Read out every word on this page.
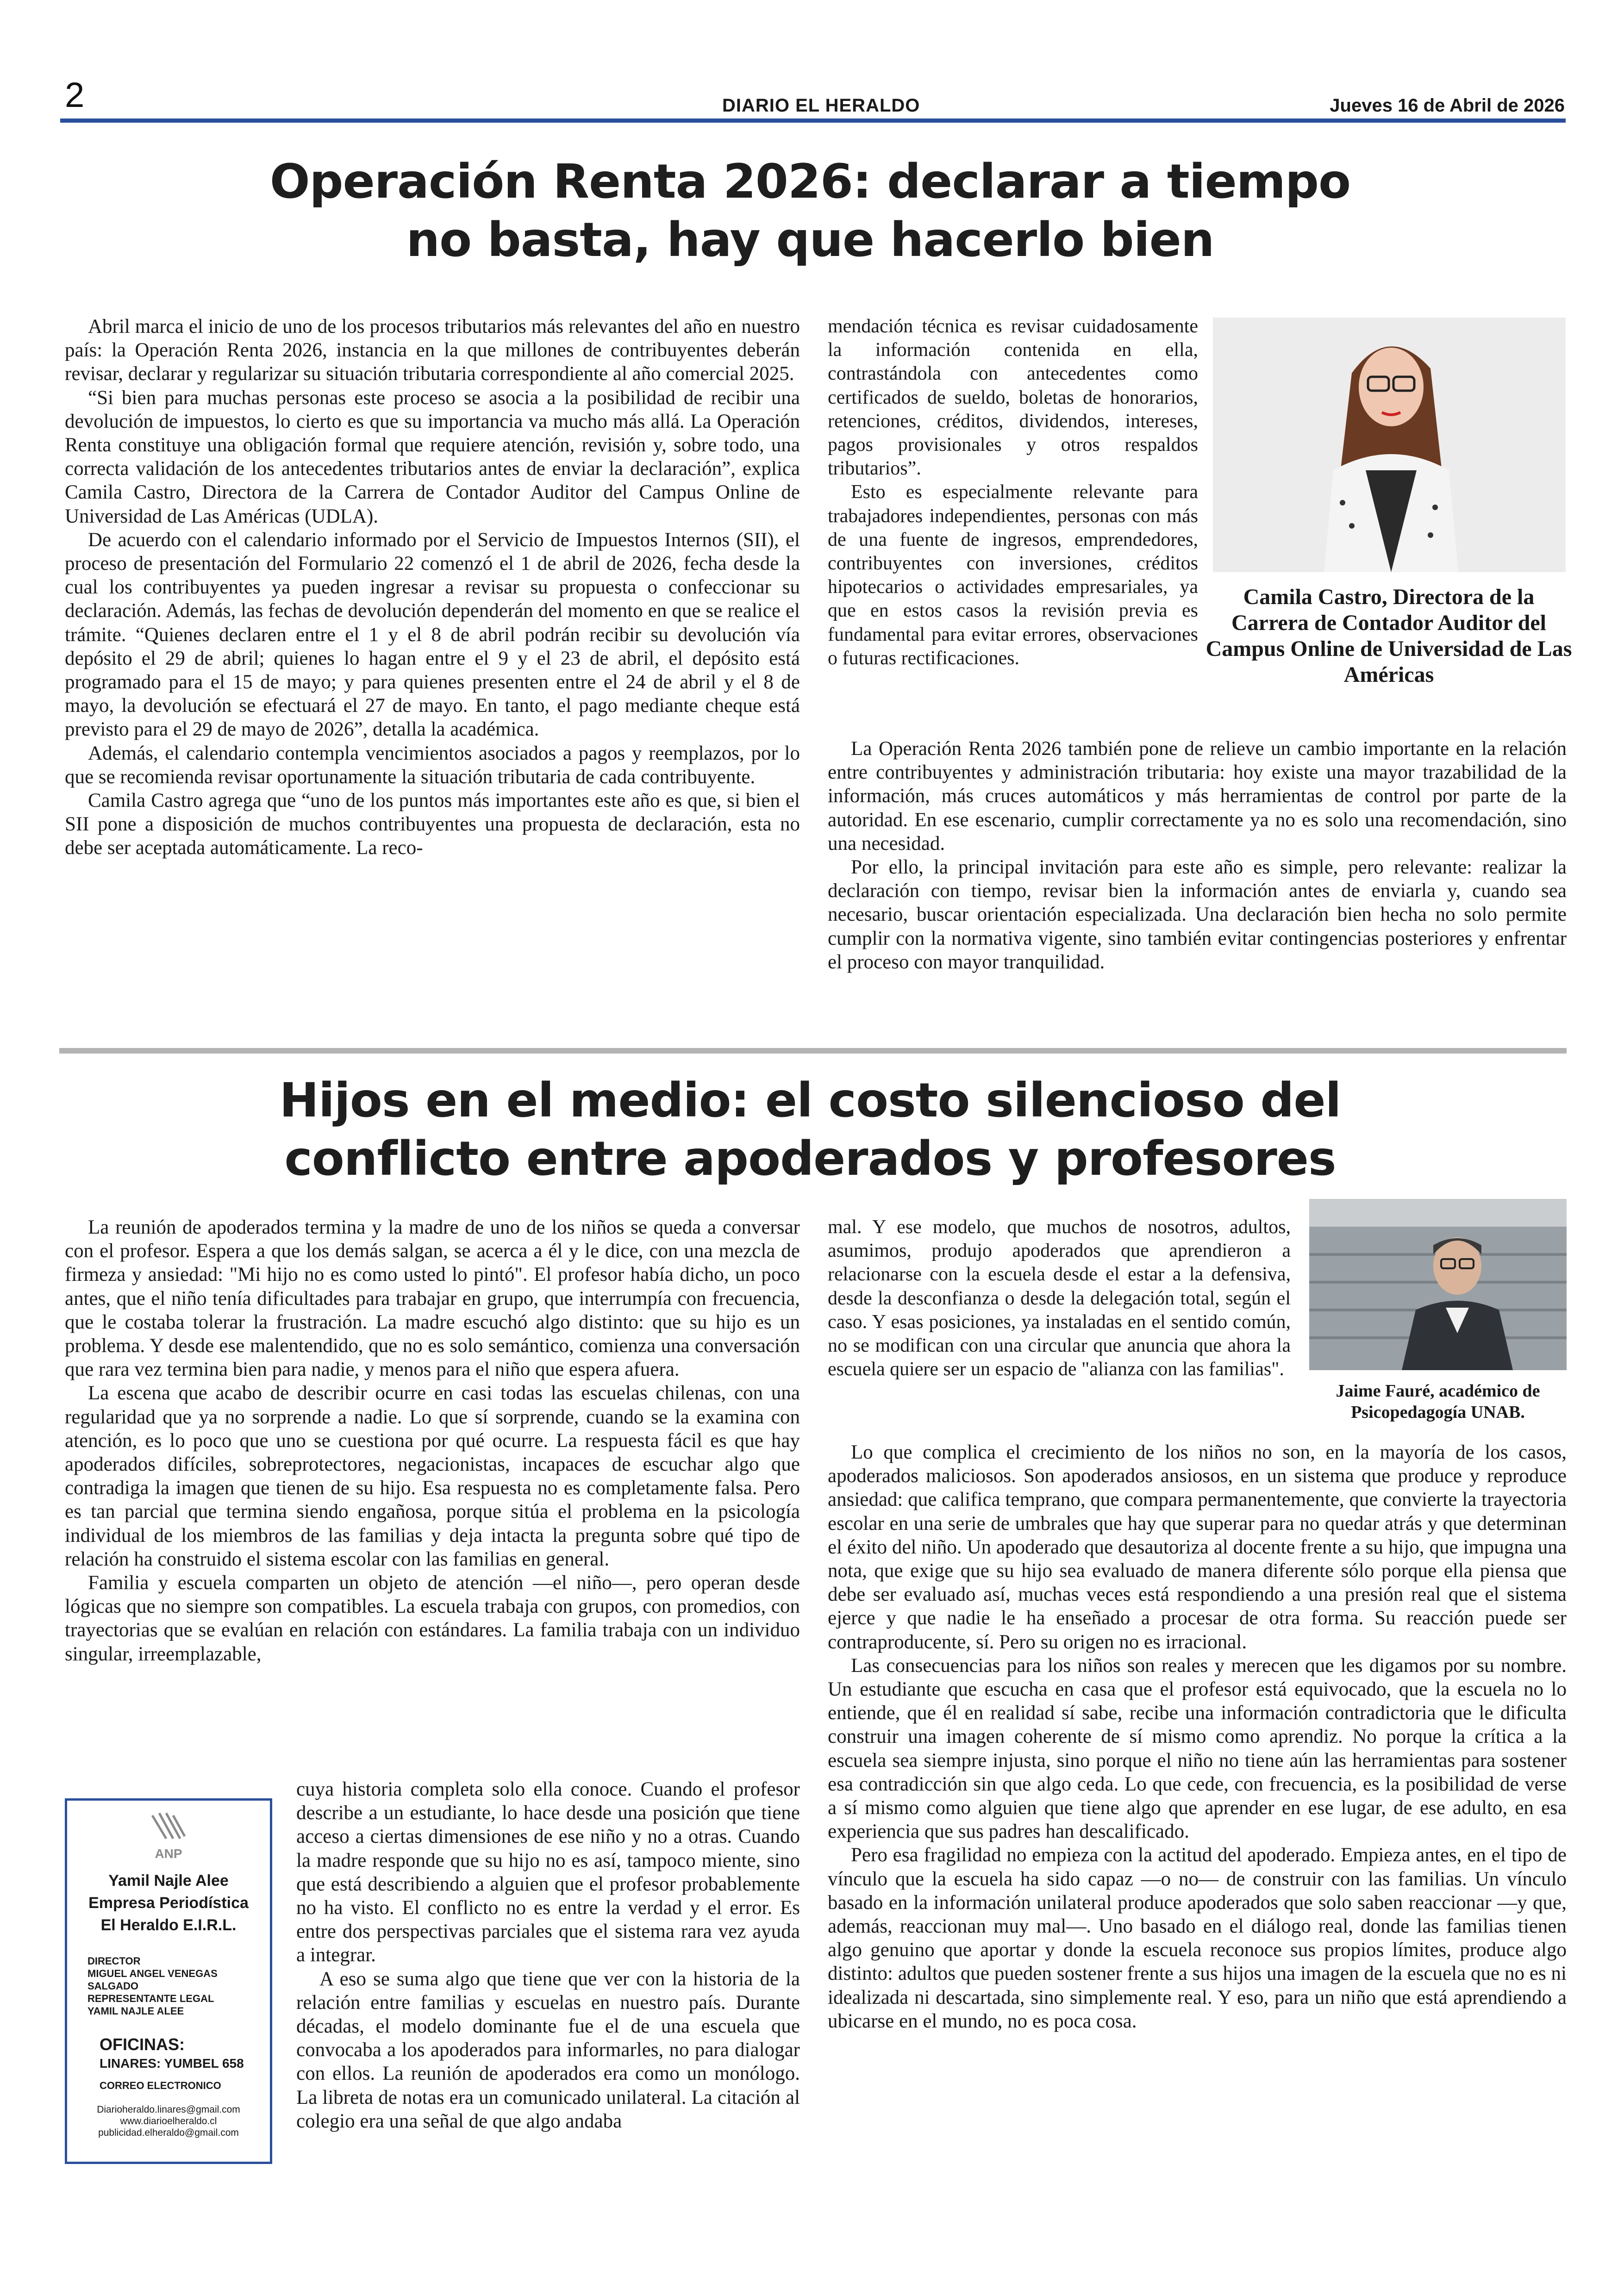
2	DIARIO EL HERALDO	Jueves 16 de Abril de 2026
Operación Renta 2026: declarar a tiempo
no basta, hay que hacerlo bien

Abril marca el inicio de uno de los procesos tributarios más relevantes del año en nuestro país: la Operación Renta 2026, instancia en la que millones de contribuyentes deberán revisar, declarar y regularizar su situación tributaria correspondiente al año comercial 2025.

“Si bien para muchas personas este proceso se asocia a la posibilidad de recibir una devolución de impuestos, lo cierto es que su importancia va mucho más allá. La Operación Renta constituye una obligación formal que requiere atención, revisión y, sobre todo, una correcta validación de los antecedentes tributarios antes de enviar la declaración”, explica Camila Castro, Directora de la Carrera de Contador Auditor del Campus Online de Universidad de Las Américas (UDLA).

De acuerdo con el calendario informado por el Servicio de Impuestos Internos (SII), el proceso de presentación del Formulario 22 comenzó el 1 de abril de 2026, fecha desde la cual los contribuyentes ya pueden ingresar a revisar su propuesta o confeccionar su declaración. Además, las fechas de devolución dependerán del momento en que se realice el trámite. “Quienes declaren entre el 1 y el 8 de abril podrán recibir su devolución vía depósito el 29 de abril; quienes lo hagan entre el 9 y el 23 de abril, el depósito está programado para el 15 de mayo; y para quienes presenten entre el 24 de abril y el 8 de mayo, la devolución se efectuará el 27 de mayo. En tanto, el pago mediante cheque está previsto para el 29 de mayo de 2026”, detalla la académica.

Además, el calendario contempla vencimientos asociados a pagos y reemplazos, por lo que se recomienda revisar oportunamente la situación tributaria de cada contribuyente.

Camila Castro agrega que “uno de los puntos más importantes este año es que, si bien el SII pone a disposición de muchos contribuyentes una propuesta de declaración, esta no debe ser aceptada automáticamente. La reco-

mendación técnica es revisar cuidadosamente la información contenida en ella, contrastándola con antecedentes como certificados de sueldo, boletas de honorarios, retenciones, créditos, dividendos, intereses, pagos provisionales y otros respaldos tributarios”.

Esto es especialmente relevante para trabajadores independientes, personas con más de una fuente de ingresos, emprendedores, contribuyentes con inversiones, créditos hipotecarios o actividades empresariales, ya que en estos casos la revisión previa es fundamental para evitar errores, observaciones o futuras rectificaciones.

Camila Castro, Directora de la Carrera de Contador Auditor del Campus Online de Universidad de Las Américas

La Operación Renta 2026 también pone de relieve un cambio importante en la relación entre contribuyentes y administración tributaria: hoy existe una mayor trazabilidad de la información, más cruces automáticos y más herramientas de control por parte de la autoridad. En ese escenario, cumplir correctamente ya no es solo una recomendación, sino una necesidad.

Por ello, la principal invitación para este año es simple, pero relevante: realizar la declaración con tiempo, revisar bien la información antes de enviarla y, cuando sea necesario, buscar orientación especializada. Una declaración bien hecha no solo permite cumplir con la normativa vigente, sino también evitar contingencias posteriores y enfrentar el proceso con mayor tranquilidad.

Hijos en el medio: el costo silencioso del
conflicto entre apoderados y profesores

La reunión de apoderados termina y la madre de uno de los niños se queda a conversar con el profesor. Espera a que los demás salgan, se acerca a él y le dice, con una mezcla de firmeza y ansiedad: "Mi hijo no es como usted lo pintó". El profesor había dicho, un poco antes, que el niño tenía dificultades para trabajar en grupo, que interrumpía con frecuencia, que le costaba tolerar la frustración. La madre escuchó algo distinto: que su hijo es un problema. Y desde ese malentendido, que no es solo semántico, comienza una conversación que rara vez termina bien para nadie, y menos para el niño que espera afuera.

La escena que acabo de describir ocurre en casi todas las escuelas chilenas, con una regularidad que ya no sorprende a nadie. Lo que sí sorprende, cuando se la examina con atención, es lo poco que uno se cuestiona por qué ocurre. La respuesta fácil es que hay apoderados difíciles, sobreprotectores, negacionistas, incapaces de escuchar algo que contradiga la imagen que tienen de su hijo. Esa respuesta no es completamente falsa. Pero es tan parcial que termina siendo engañosa, porque sitúa el problema en la psicología individual de los miembros de las familias y deja intacta la pregunta sobre qué tipo de relación ha construido el sistema escolar con las familias en general.

Familia y escuela comparten un objeto de atención —el niño—, pero operan desde lógicas que no siempre son compatibles. La escuela trabaja con grupos, con promedios, con trayectorias que se evalúan en relación con estándares. La familia trabaja con un individuo singular, irreemplazable,

cuya historia completa solo ella conoce. Cuando el profesor describe a un estudiante, lo hace desde una posición que tiene acceso a ciertas dimensiones de ese niño y no a otras. Cuando la madre responde que su hijo no es así, tampoco miente, sino que está describiendo a alguien que el profesor probablemente no ha visto. El conflicto no es entre la verdad y el error. Es entre dos perspectivas parciales que el sistema rara vez ayuda a integrar.

A eso se suma algo que tiene que ver con la historia de la relación entre familias y escuelas en nuestro país. Durante décadas, el modelo dominante fue el de una escuela que convocaba a los apoderados para informarles, no para dialogar con ellos. La reunión de apoderados era como un monólogo. La libreta de notas era un comunicado unilateral. La citación al colegio era una señal de que algo andaba

mal. Y ese modelo, que muchos de nosotros, adultos, asumimos, produjo apoderados que aprendieron a relacionarse con la escuela desde el estar a la defensiva, desde la desconfianza o desde la delegación total, según el caso. Y esas posiciones, ya instaladas en el sentido común, no se modifican con una circular que anuncia que ahora la escuela quiere ser un espacio de "alianza con las familias".

Jaime Fauré, académico de Psicopedagogía UNAB.

Lo que complica el crecimiento de los niños no son, en la mayoría de los casos, apoderados maliciosos. Son apoderados ansiosos, en un sistema que produce y reproduce ansiedad: que califica temprano, que compara permanentemente, que convierte la trayectoria escolar en una serie de umbrales que hay que superar para no quedar atrás y que determinan el éxito del niño. Un apoderado que desautoriza al docente frente a su hijo, que impugna una nota, que exige que su hijo sea evaluado de manera diferente sólo porque ella piensa que debe ser evaluado así, muchas veces está respondiendo a una presión real que el sistema ejerce y que nadie le ha enseñado a procesar de otra forma. Su reacción puede ser contraproducente, sí. Pero su origen no es irracional.

Las consecuencias para los niños son reales y merecen que les digamos por su nombre. Un estudiante que escucha en casa que el profesor está equivocado, que la escuela no lo entiende, que él en realidad sí sabe, recibe una información contradictoria que le dificulta construir una imagen coherente de sí mismo como aprendiz. No porque la crítica a la escuela sea siempre injusta, sino porque el niño no tiene aún las herramientas para sostener esa contradicción sin que algo ceda. Lo que cede, con frecuencia, es la posibilidad de verse a sí mismo como alguien que tiene algo que aprender en ese lugar, de ese adulto, en esa experiencia que sus padres han descalificado.

Pero esa fragilidad no empieza con la actitud del apoderado. Empieza antes, en el tipo de vínculo que la escuela ha sido capaz —o no— de construir con las familias. Un vínculo basado en la información unilateral produce apoderados que solo saben reaccionar —y que, además, reaccionan muy mal—. Uno basado en el diálogo real, donde las familias tienen algo genuino que aportar y donde la escuela reconoce sus propios límites, produce algo distinto: adultos que pueden sostener frente a sus hijos una imagen de la escuela que no es ni idealizada ni descartada, sino simplemente real. Y eso, para un niño que está aprendiendo a ubicarse en el mundo, no es poca cosa.

ANP
Yamil Najle Alee
Empresa Periodística
El Heraldo E.I.R.L.
DIRECTOR
MIGUEL ANGEL VENEGAS SALGADO
REPRESENTANTE LEGAL
YAMIL NAJLE ALEE
OFICINAS:
LINARES: YUMBEL 658
CORREO ELECTRONICO
Diarioheraldo.linares@gmail.com
www.diarioelheraldo.cl
publicidad.elheraldo@gmail.com
